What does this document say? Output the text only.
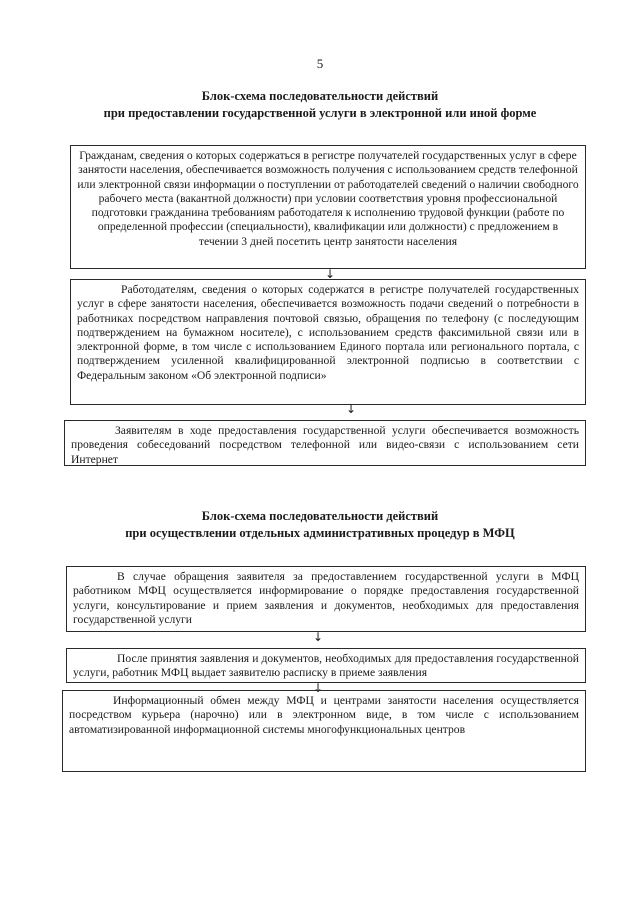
5
Блок-схема последовательности действий
при предоставлении государственной услуги в электронной или иной форме
Гражданам, сведения о которых содержаться в регистре получателей государственных услуг в сфере занятости населения, обеспечивается возможность получения с использованием средств телефонной или электронной связи информации о поступлении от работодателей сведений о наличии свободного рабочего места (вакантной должности) при условии соответствия уровня профессиональной подготовки гражданина требованиям работодателя к исполнению трудовой функции (работе по определенной профессии (специальности), квалификации или должности) с предложением в течении 3 дней посетить центр занятости населения
↓
Работодателям, сведения о которых содержатся в регистре получателей государственных услуг в сфере занятости населения, обеспечивается возможность подачи сведений о потребности в работниках посредством направления почтовой связью, обращения по телефону (с последующим подтверждением на бумажном носителе), с использованием средств факсимильной связи или в электронной форме, в том числе с использованием Единого портала или регионального портала, с подтверждением усиленной квалифицированной электронной подписью в соответствии с Федеральным законом «Об электронной подписи»
↓
Заявителям в ходе предоставления государственной услуги обеспечивается возможность проведения собеседований посредством телефонной или видео-связи с использованием сети Интернет
Блок-схема последовательности действий
при осуществлении отдельных административных процедур в МФЦ
В случае обращения заявителя за предоставлением государственной услуги в МФЦ работником МФЦ осуществляется информирование о порядке предоставления государственной услуги, консультирование и прием заявления и документов, необходимых для предоставления государственной услуги
↓
После принятия заявления и документов, необходимых для предоставления государственной услуги, работник МФЦ выдает заявителю расписку в приеме заявления
↓
Информационный обмен между МФЦ и центрами занятости населения осуществляется посредством курьера (нарочно) или в электронном виде, в том числе с использованием автоматизированной информационной системы многофункциональных центров
